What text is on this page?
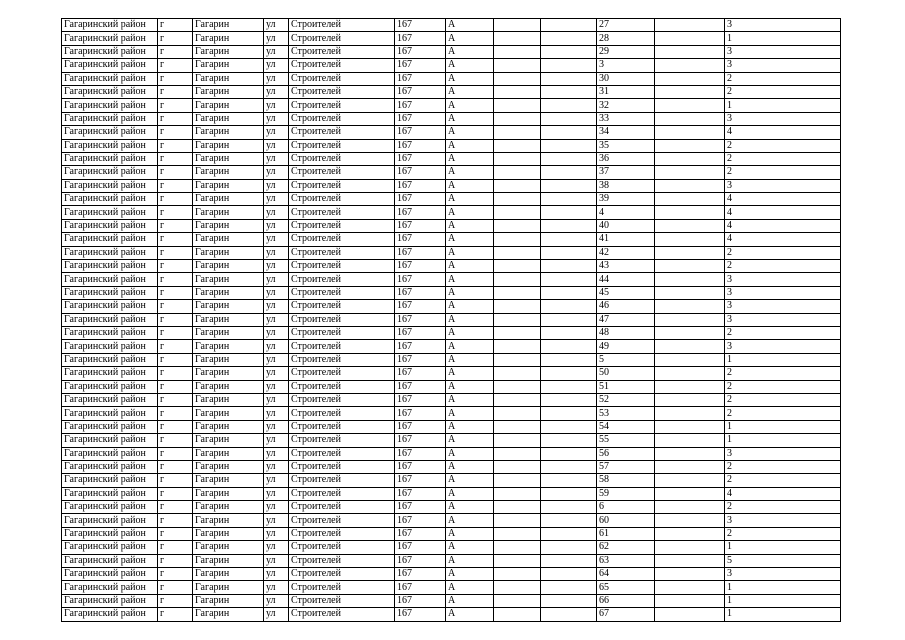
Гагаринский район	г	Гагарин	ул	Строителей	167	А			27		3
Гагаринский район	г	Гагарин	ул	Строителей	167	А			28		1
Гагаринский район	г	Гагарин	ул	Строителей	167	А			29		3
Гагаринский район	г	Гагарин	ул	Строителей	167	А			3		3
Гагаринский район	г	Гагарин	ул	Строителей	167	А			30		2
Гагаринский район	г	Гагарин	ул	Строителей	167	А			31		2
Гагаринский район	г	Гагарин	ул	Строителей	167	А			32		1
Гагаринский район	г	Гагарин	ул	Строителей	167	А			33		3
Гагаринский район	г	Гагарин	ул	Строителей	167	А			34		4
Гагаринский район	г	Гагарин	ул	Строителей	167	А			35		2
Гагаринский район	г	Гагарин	ул	Строителей	167	А			36		2
Гагаринский район	г	Гагарин	ул	Строителей	167	А			37		2
Гагаринский район	г	Гагарин	ул	Строителей	167	А			38		3
Гагаринский район	г	Гагарин	ул	Строителей	167	А			39		4
Гагаринский район	г	Гагарин	ул	Строителей	167	А			4		4
Гагаринский район	г	Гагарин	ул	Строителей	167	А			40		4
Гагаринский район	г	Гагарин	ул	Строителей	167	А			41		4
Гагаринский район	г	Гагарин	ул	Строителей	167	А			42		2
Гагаринский район	г	Гагарин	ул	Строителей	167	А			43		2
Гагаринский район	г	Гагарин	ул	Строителей	167	А			44		3
Гагаринский район	г	Гагарин	ул	Строителей	167	А			45		3
Гагаринский район	г	Гагарин	ул	Строителей	167	А			46		3
Гагаринский район	г	Гагарин	ул	Строителей	167	А			47		3
Гагаринский район	г	Гагарин	ул	Строителей	167	А			48		2
Гагаринский район	г	Гагарин	ул	Строителей	167	А			49		3
Гагаринский район	г	Гагарин	ул	Строителей	167	А			5		1
Гагаринский район	г	Гагарин	ул	Строителей	167	А			50		2
Гагаринский район	г	Гагарин	ул	Строителей	167	А			51		2
Гагаринский район	г	Гагарин	ул	Строителей	167	А			52		2
Гагаринский район	г	Гагарин	ул	Строителей	167	А			53		2
Гагаринский район	г	Гагарин	ул	Строителей	167	А			54		1
Гагаринский район	г	Гагарин	ул	Строителей	167	А			55		1
Гагаринский район	г	Гагарин	ул	Строителей	167	А			56		3
Гагаринский район	г	Гагарин	ул	Строителей	167	А			57		2
Гагаринский район	г	Гагарин	ул	Строителей	167	А			58		2
Гагаринский район	г	Гагарин	ул	Строителей	167	А			59		4
Гагаринский район	г	Гагарин	ул	Строителей	167	А			6		2
Гагаринский район	г	Гагарин	ул	Строителей	167	А			60		3
Гагаринский район	г	Гагарин	ул	Строителей	167	А			61		2
Гагаринский район	г	Гагарин	ул	Строителей	167	А			62		1
Гагаринский район	г	Гагарин	ул	Строителей	167	А			63		5
Гагаринский район	г	Гагарин	ул	Строителей	167	А			64		3
Гагаринский район	г	Гагарин	ул	Строителей	167	А			65		1
Гагаринский район	г	Гагарин	ул	Строителей	167	А			66		1
Гагаринский район	г	Гагарин	ул	Строителей	167	А			67		1
